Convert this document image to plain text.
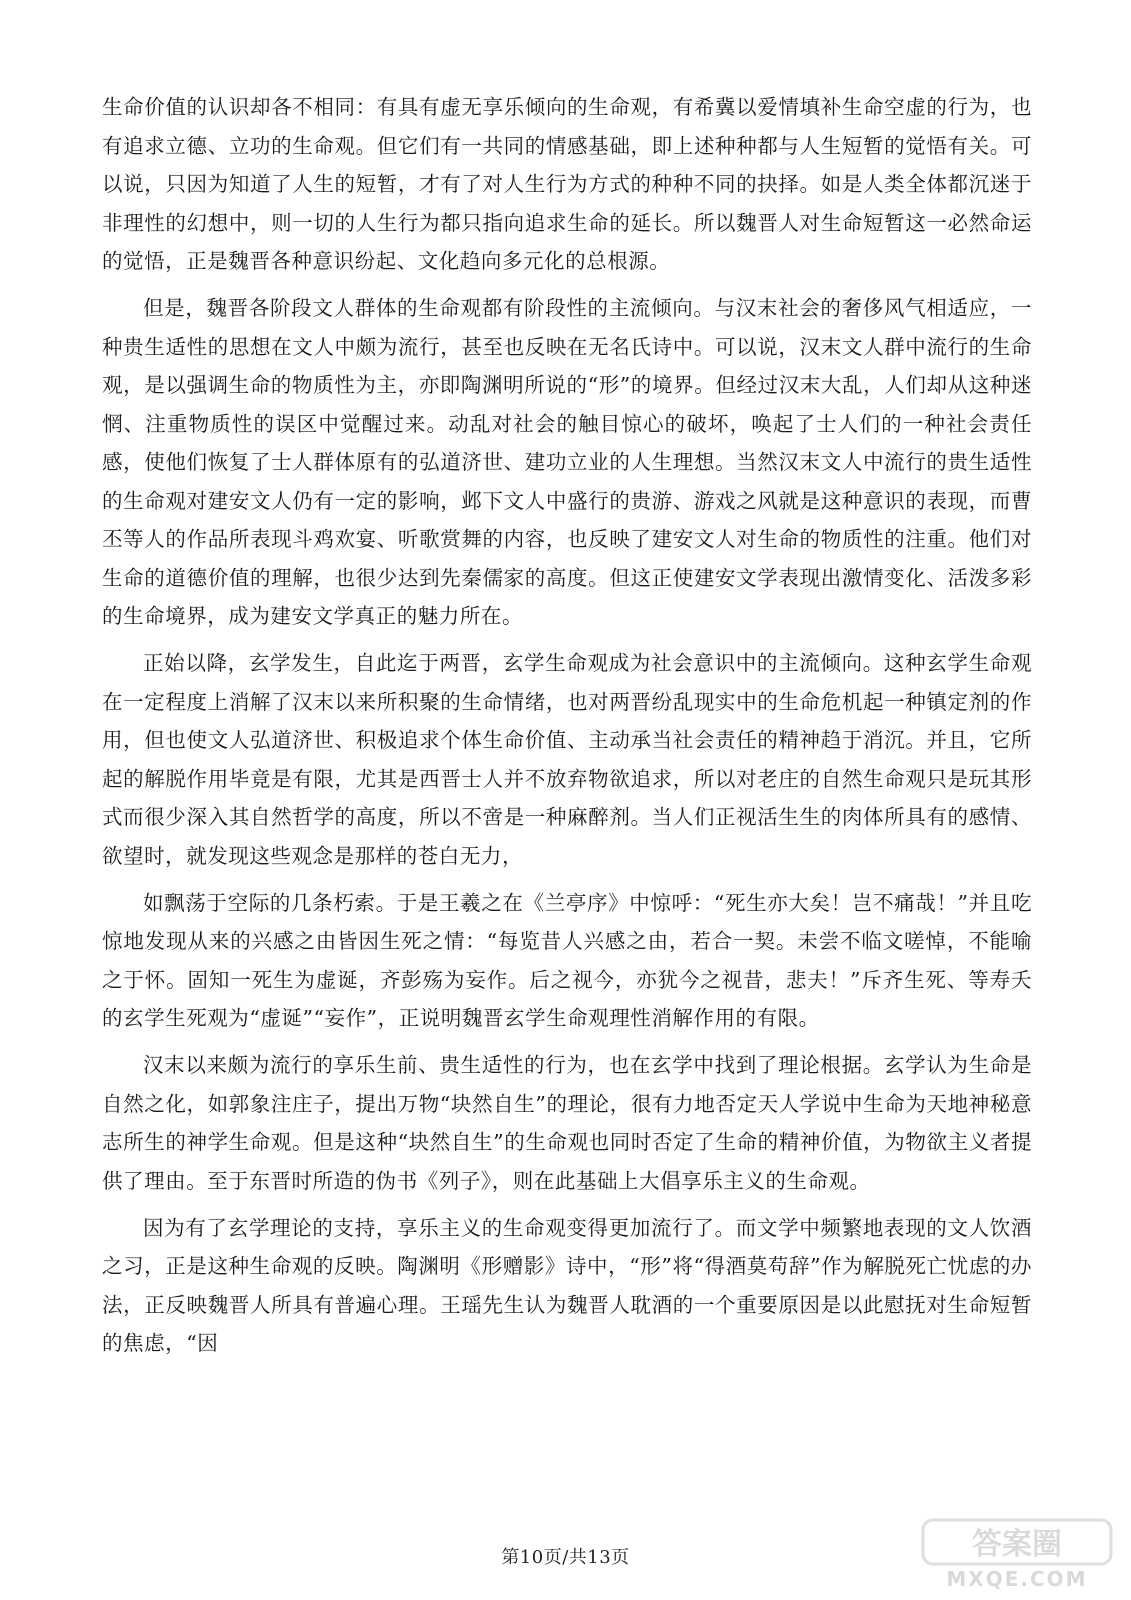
生命价值的认识却各不相同：有具有虚无享乐倾向的生命观，有希冀以爱情填补生命空虚的行为，也有追求立德、立功的生命观。但它们有一共同的情感基础，即上述种种都与人生短暂的觉悟有关。可以说，只因为知道了人生的短暂，才有了对人生行为方式的种种不同的抉择。如是人类全体都沉迷于非理性的幻想中，则一切的人生行为都只指向追求生命的延长。所以魏晋人对生命短暂这一必然命运的觉悟，正是魏晋各种意识纷起、文化趋向多元化的总根源。

但是，魏晋各阶段文人群体的生命观都有阶段性的主流倾向。与汉末社会的奢侈风气相适应，一种贵生适性的思想在文人中颇为流行，甚至也反映在无名氏诗中。可以说，汉末文人群中流行的生命观，是以强调生命的物质性为主，亦即陶渊明所说的“形”的境界。但经过汉末大乱，人们却从这种迷惘、注重物质性的误区中觉醒过来。动乱对社会的触目惊心的破坏，唤起了士人们的一种社会责任感，使他们恢复了士人群体原有的弘道济世、建功立业的人生理想。当然汉末文人中流行的贵生适性的生命观对建安文人仍有一定的影响，邺下文人中盛行的贵游、游戏之风就是这种意识的表现，而曹丕等人的作品所表现斗鸡欢宴、听歌赏舞的内容，也反映了建安文人对生命的物质性的注重。他们对生命的道德价值的理解，也很少达到先秦儒家的高度。但这正使建安文学表现出激情变化、活泼多彩的生命境界，成为建安文学真正的魅力所在。

正始以降，玄学发生，自此迄于两晋，玄学生命观成为社会意识中的主流倾向。这种玄学生命观在一定程度上消解了汉末以来所积聚的生命情绪，也对两晋纷乱现实中的生命危机起一种镇定剂的作用，但也使文人弘道济世、积极追求个体生命价值、主动承当社会责任的精神趋于消沉。并且，它所起的解脱作用毕竟是有限，尤其是西晋士人并不放弃物欲追求，所以对老庄的自然生命观只是玩其形式而很少深入其自然哲学的高度，所以不啻是一种麻醉剂。当人们正视活生生的肉体所具有的感情、欲望时，就发现这些观念是那样的苍白无力，

如飘荡于空际的几条朽索。于是王羲之在《兰亭序》中惊呼：“死生亦大矣！岂不痛哉！”并且吃惊地发现从来的兴感之由皆因生死之情：“每览昔人兴感之由，若合一契。未尝不临文嗟悼，不能喻之于怀。固知一死生为虚诞，齐彭殇为妄作。后之视今，亦犹今之视昔，悲夫！”斥齐生死、等寿夭的玄学生死观为“虚诞”“妄作”，正说明魏晋玄学生命观理性消解作用的有限。

汉末以来颇为流行的享乐生前、贵生适性的行为，也在玄学中找到了理论根据。玄学认为生命是自然之化，如郭象注庄子，提出万物“块然自生”的理论，很有力地否定天人学说中生命为天地神秘意志所生的神学生命观。但是这种“块然自生”的生命观也同时否定了生命的精神价值，为物欲主义者提供了理由。至于东晋时所造的伪书《列子》，则在此基础上大倡享乐主义的生命观。

因为有了玄学理论的支持，享乐主义的生命观变得更加流行了。而文学中频繁地表现的文人饮酒之习，正是这种生命观的反映。陶渊明《形赠影》诗中，“形”将“得酒莫苟辞”作为解脱死亡忧虑的办法，正反映魏晋人所具有普遍心理。王瑶先生认为魏晋人耽酒的一个重要原因是以此慰抚对生命短暂的焦虑，“因

第10页/共13页	答案圈
MXQE.COM
